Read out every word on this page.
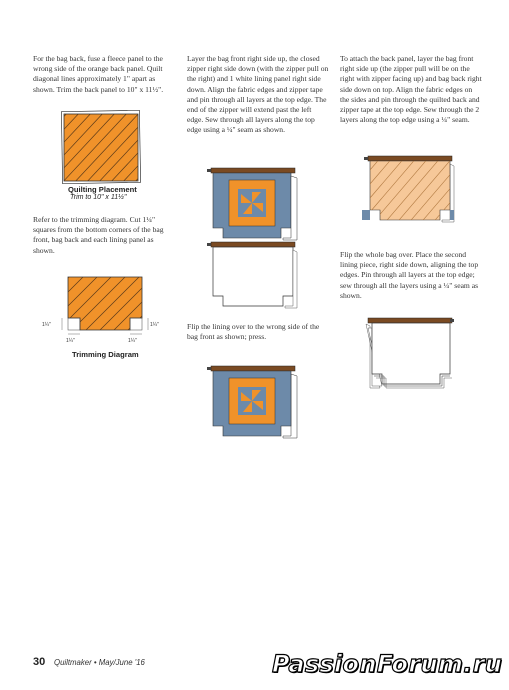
For the bag back, fuse a fleece panel to the wrong side of the orange back panel. Quilt diagonal lines approximately 1" apart as shown. Trim the back panel to 10" x 11½".
Quilting Placement
Trim to 10" x 11½"
Refer to the trimming diagram. Cut 1¼" squares from the bottom corners of the bag front, bag back and each lining panel as shown.
1¼"	1¼"
1¼"	1¼"
Trimming Diagram
Layer the bag front right side up, the closed zipper right side down (with the zipper pull on the right) and 1 white lining panel right side down. Align the fabric edges and zipper tape and pin through all layers at the top edge. The end of the zipper will extend past the left edge. Sew through all layers along the top edge using a ¼" seam as shown.
Flip the lining over to the wrong side of the bag front as shown; press.
To attach the back panel, layer the bag front right side up (the zipper pull will be on the right with zipper facing up) and bag back right side down on top. Align the fabric edges on the sides and pin through the quilted back and zipper tape at the top edge. Sew through the 2 layers along the top edge using a ¼" seam.
Flip the whole bag over. Place the second lining piece, right side down, aligning the top edges. Pin through all layers at the top edge; sew through all the layers using a ¼" seam as shown.
30 Quiltmaker • May/June '16	PassionForum.ru
